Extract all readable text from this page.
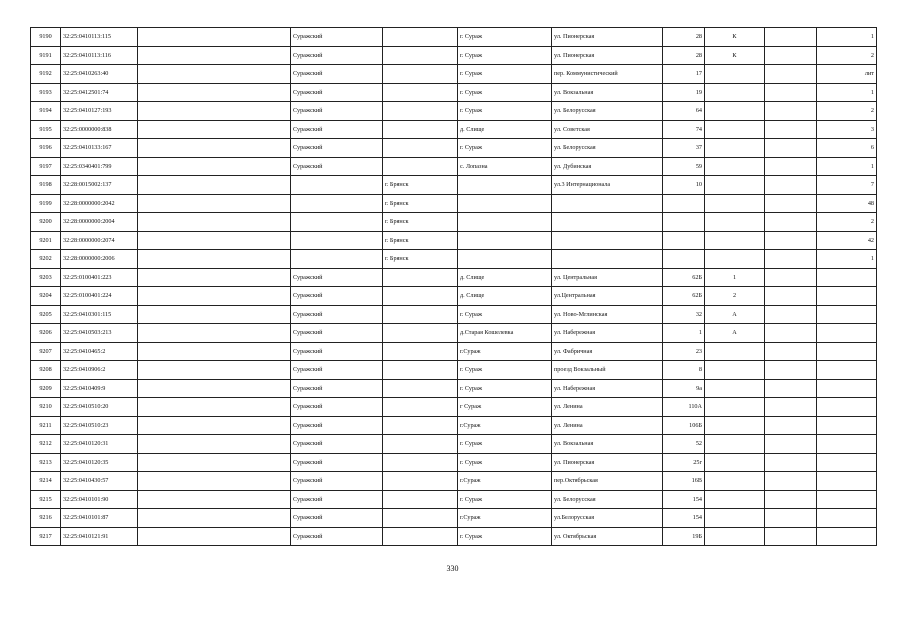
9190	32:25:0410113:115		Суражский		г. Сураж	ул. Пионерская	28	К		1
9191	32:25:0410113:116		Суражский		г. Сураж	ул. Пионерская	28	К		2
9192	32:25:0410263:40		Суражский		г. Сураж	пер. Коммунистический	17			лит
9193	32:25:0412501:74		Суражский		г. Сураж	ул. Вокзальная	19			1
9194	32:25:0410127:193		Суражский		г. Сураж	ул. Белорусская	64			2
9195	32:25:0000000:838		Суражский		д. Слище	ул. Советская	74			3
9196	32:25:0410133:167		Суражский		г. Сураж	ул. Белорусская	37			6
9197	32:25:0340401:799		Суражский		с. Лопазна	ул. Дубинская	59			1
9198	32:28:0015002:137			г. Брянск		ул.3 Интернационала	10			7
9199	32:28:0000000:2042			г. Брянск						48
9200	32:28:0000000:2004			г. Брянск						2
9201	32:28:0000000:2074			г. Брянск						42
9202	32:28:0000000:2006			г. Брянск						1
9203	32:25:0100401:223		Суражский		д. Слище	ул. Центральная	62Б	1		
9204	32:25:0100401:224		Суражский		д. Слище	ул.Центральная	62Б	2		
9205	32:25:0410301:115		Суражский		г. Сураж	ул. Ново-Мглинская	32	А		
9206	32:25:0410503:213		Суражский		д.Старая Кошелевка	ул. Набережная	1	А		
9207	32:25:0410465:2		Суражский		г.Сураж	ул. Фабричная	23			
9208	32:25:0410906:2		Суражский		г. Сураж	проезд Вокзальный	8			
9209	32:25:0410409:9		Суражский		г. Сураж	ул. Набережная	9а			
9210	32:25:0410510:20		Суражский		г Сураж	ул. Ленина	110А			
9211	32:25:0410510:23		Суражский		г.Сураж	ул. Ленина	106Б			
9212	32:25:0410120:31		Суражский		г. Сураж	ул. Вокзальная	52			
9213	32:25:0410120:35		Суражский		г. Сураж	ул. Пионерская	25г			
9214	32:25:0410430:57		Суражский		г.Сураж	пер.Октябрьская	16В			
9215	32:25:0410101:90		Суражский		г. Сураж	ул. Белорусская	154			
9216	32:25:0410101:87		Суражский		г.Сураж	ул.Белорусская	154			
9217	32:25:0410121:91		Суражский		г. Сураж	ул. Октябрьская	19Б			
330
